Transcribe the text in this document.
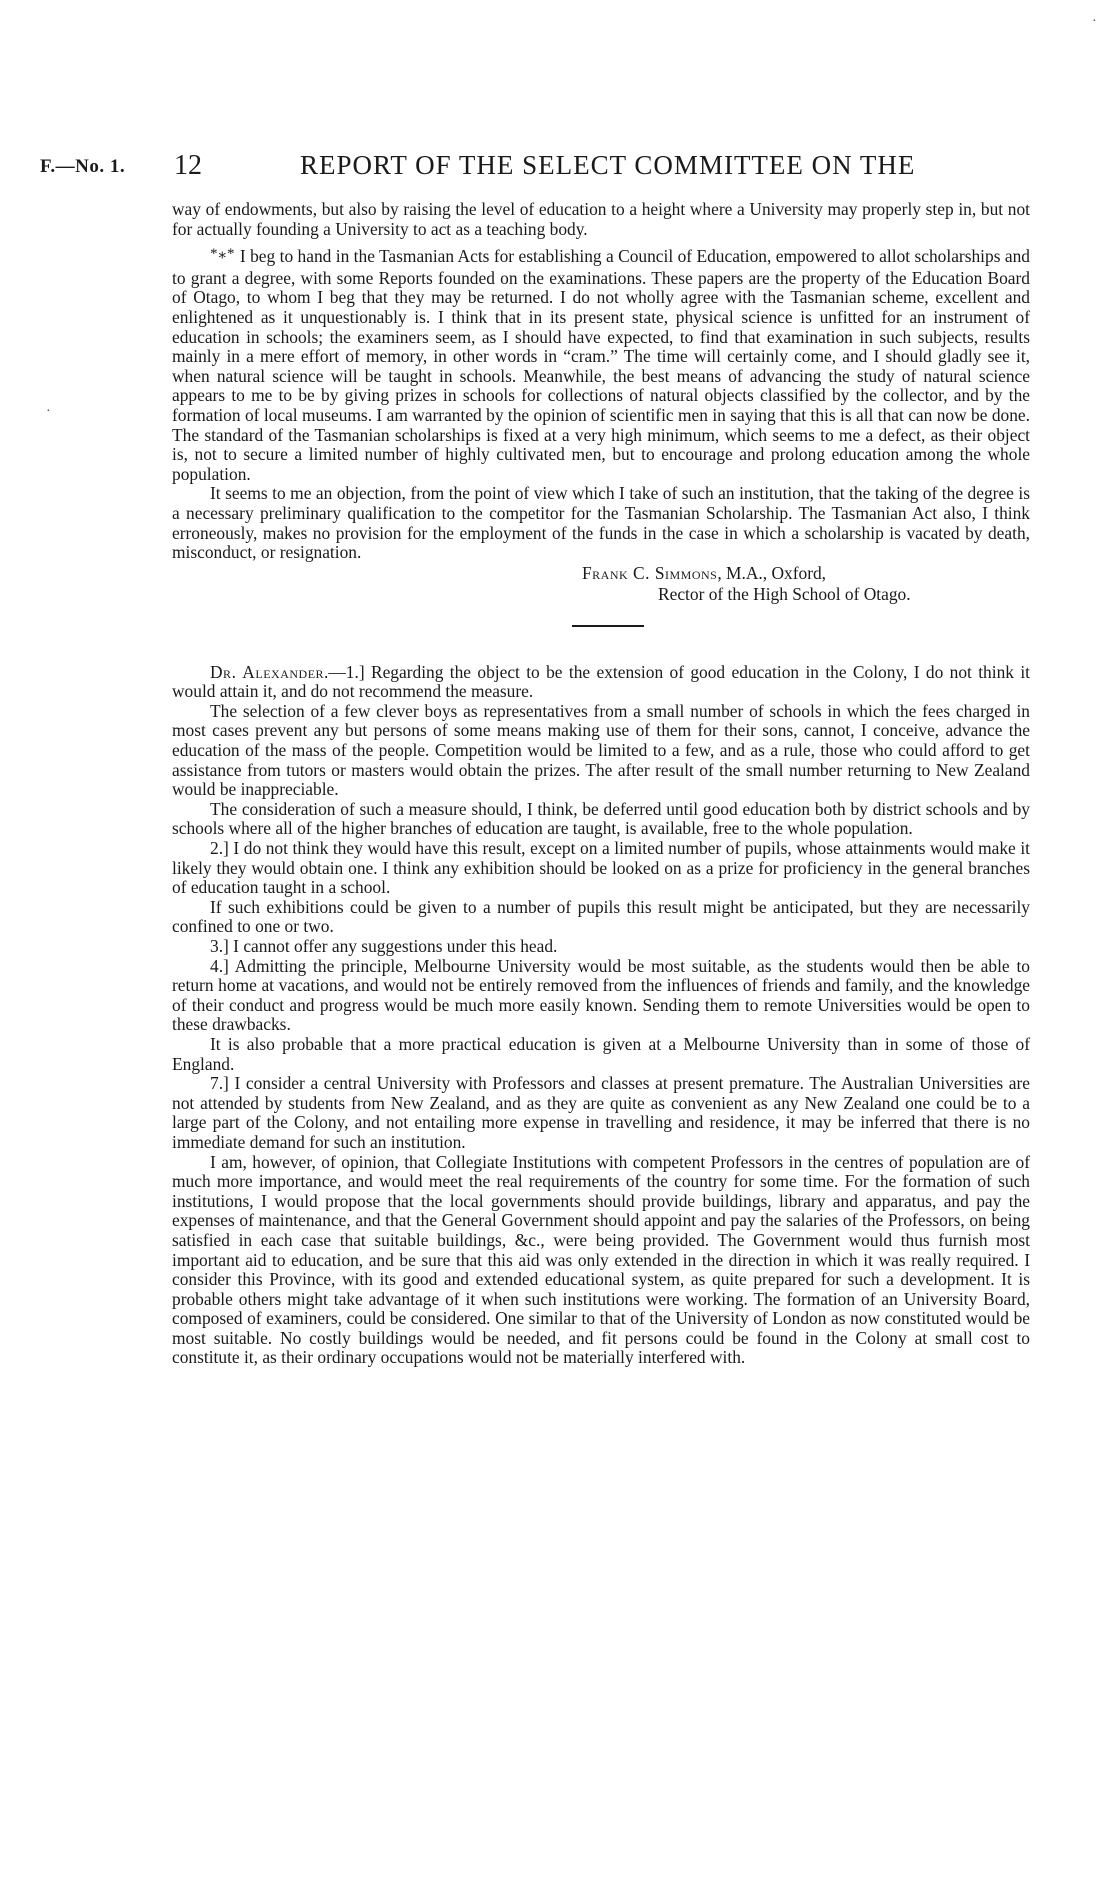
·
·
F.—No. 1. 12	REPORT OF THE SELECT COMMITTEE ON THE

way of endowments, but also by raising the level of education to a height where a University may properly step in, but not for actually founding a University to act as a teaching body.

*⁎* I beg to hand in the Tasmanian Acts for establishing a Council of Education, empowered to allot scholarships and to grant a degree, with some Reports founded on the examinations. These papers are the property of the Education Board of Otago, to whom I beg that they may be returned. I do not wholly agree with the Tasmanian scheme, excellent and enlightened as it unquestionably is. I think that in its present state, physical science is unfitted for an instrument of education in schools; the examiners seem, as I should have expected, to find that examination in such subjects, results mainly in a mere effort of memory, in other words in “cram.” The time will certainly come, and I should gladly see it, when natural science will be taught in schools. Meanwhile, the best means of advancing the study of natural science appears to me to be by giving prizes in schools for collections of natural objects classified by the collector, and by the formation of local museums. I am warranted by the opinion of scientific men in saying that this is all that can now be done. The standard of the Tasmanian scholarships is fixed at a very high minimum, which seems to me a defect, as their object is, not to secure a limited number of highly cultivated men, but to encourage and prolong education among the whole population.

It seems to me an objection, from the point of view which I take of such an institution, that the taking of the degree is a necessary preliminary qualification to the competitor for the Tasmanian Scholarship. The Tasmanian Act also, I think erroneously, makes no provision for the employment of the funds in the case in which a scholarship is vacated by death, misconduct, or resignation.

Frank C. Simmons, M.A., Oxford,
Rector of the High School of Otago.

Dr. Alexander.—1.] Regarding the object to be the extension of good education in the Colony, I do not think it would attain it, and do not recommend the measure.

The selection of a few clever boys as representatives from a small number of schools in which the fees charged in most cases prevent any but persons of some means making use of them for their sons, cannot, I conceive, advance the education of the mass of the people. Competition would be limited to a few, and as a rule, those who could afford to get assistance from tutors or masters would obtain the prizes. The after result of the small number returning to New Zealand would be inappreciable.

The consideration of such a measure should, I think, be deferred until good education both by district schools and by schools where all of the higher branches of education are taught, is available, free to the whole population.

2.] I do not think they would have this result, except on a limited number of pupils, whose attainments would make it likely they would obtain one. I think any exhibition should be looked on as a prize for proficiency in the general branches of education taught in a school.

If such exhibitions could be given to a number of pupils this result might be anticipated, but they are necessarily confined to one or two.

3.] I cannot offer any suggestions under this head.

4.] Admitting the principle, Melbourne University would be most suitable, as the students would then be able to return home at vacations, and would not be entirely removed from the influences of friends and family, and the knowledge of their conduct and progress would be much more easily known. Sending them to remote Universities would be open to these drawbacks.

It is also probable that a more practical education is given at a Melbourne University than in some of those of England.

7.] I consider a central University with Professors and classes at present premature. The Australian Universities are not attended by students from New Zealand, and as they are quite as convenient as any New Zealand one could be to a large part of the Colony, and not entailing more expense in travelling and residence, it may be inferred that there is no immediate demand for such an institution.

I am, however, of opinion, that Collegiate Institutions with competent Professors in the centres of population are of much more importance, and would meet the real requirements of the country for some time. For the formation of such institutions, I would propose that the local governments should provide buildings, library and apparatus, and pay the expenses of maintenance, and that the General Government should appoint and pay the salaries of the Professors, on being satisfied in each case that suitable buildings, &c., were being provided. The Government would thus furnish most important aid to education, and be sure that this aid was only extended in the direction in which it was really required. I consider this Province, with its good and extended educational system, as quite prepared for such a development. It is probable others might take advantage of it when such institutions were working. The formation of an University Board, composed of examiners, could be considered. One similar to that of the University of London as now constituted would be most suitable. No costly buildings would be needed, and fit persons could be found in the Colony at small cost to constitute it, as their ordinary occupations would not be materially interfered with.
